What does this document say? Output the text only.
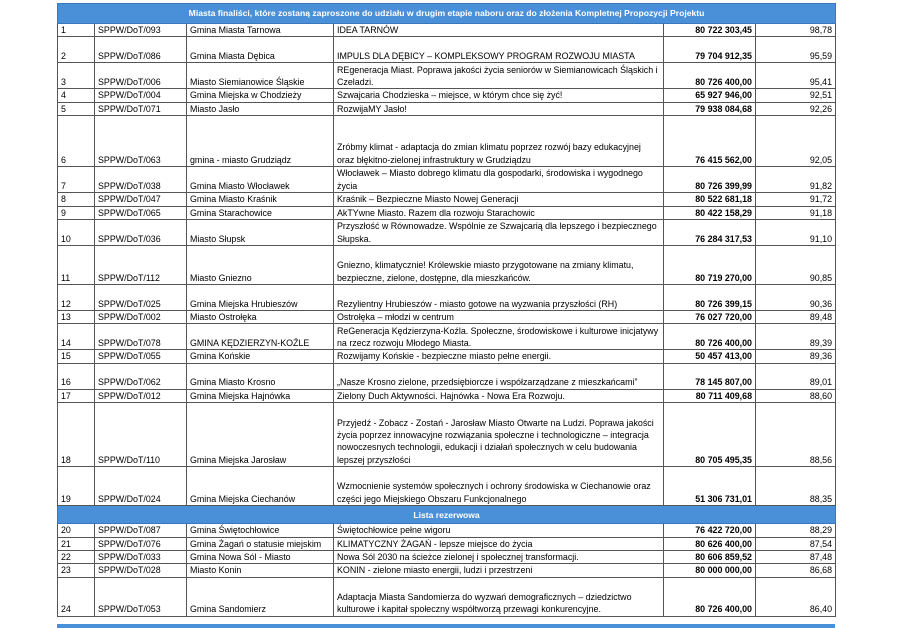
Miasta finaliści, które zostaną zaproszone do udziału w drugim etapie naboru oraz do złożenia Kompletnej Propozycji Projektu					
1	SPPW/DoT/093	Gmina Miasta Tarnowa	IDEA TARNÓW	80 722 303,45	98,78
2	SPPW/DoT/086	Gmina Miasta Dębica	IMPULS DLA DĘBICY – KOMPLEKSOWY PROGRAM ROZWOJU MIASTA	79 704 912,35	95,59
3	SPPW/DoT/006	Miasto Siemianowice Śląskie	REgeneracja Miast. Poprawa jakości życia seniorów w Siemianowicach Śląskich i Czeladzi.	80 726 400,00	95,41
4	SPPW/DoT/004	Gmina Miejska w Chodzieży	Szwajcaria Chodzieska – miejsce, w którym chce się żyć!	65 927 946,00	92,51
5	SPPW/DoT/071	Miasto Jasło	RozwijaMY Jasło!	79 938 084,68	92,26
6	SPPW/DoT/063	gmina - miasto Grudziądz	Zróbmy klimat - adaptacja do zmian klimatu poprzez rozwój bazy edukacyjnej oraz błękitno-zielonej infrastruktury w Grudziądzu	76 415 562,00	92,05
7	SPPW/DoT/038	Gmina Miasto Włocławek	Włocławek – Miasto dobrego klimatu dla gospodarki, środowiska i wygodnego życia	80 726 399,99	91,82
8	SPPW/DoT/047	Gmina Miasto Kraśnik	Kraśnik – Bezpieczne Miasto Nowej Generacji	80 522 681,18	91,72
9	SPPW/DoT/065	Gmina Starachowice	AkTYwne Miasto. Razem dla rozwoju Starachowic	80 422 158,29	91,18
10	SPPW/DoT/036	Miasto Słupsk	Przyszłość w Równowadze. Wspólnie ze Szwajcarią dla lepszego i bezpiecznego Słupska.	76 284 317,53	91,10
11	SPPW/DoT/112	Miasto Gniezno	Gniezno, klimatycznie! Królewskie miasto przygotowane na zmiany klimatu, bezpieczne, zielone, dostępne, dla mieszkańców.	80 719 270,00	90,85
12	SPPW/DoT/025	Gmina Miejska Hrubieszów	Rezylientny Hrubieszów - miasto gotowe na wyzwania przyszłości (RH)	80 726 399,15	90,36
13	SPPW/DoT/002	Miasto Ostrołęka	Ostrołęka – młodzi w centrum	76 027 720,00	89,48
14	SPPW/DoT/078	GMINA KĘDZIERZYN-KOŹLE	ReGeneracja Kędzierzyna-Koźla. Społeczne, środowiskowe i kulturowe inicjatywy na rzecz rozwoju Młodego Miasta.	80 726 400,00	89,39
15	SPPW/DoT/055	Gmina Końskie	Rozwijamy Końskie - bezpieczne miasto pełne energii.	50 457 413,00	89,36
16	SPPW/DoT/062	Gmina Miasto Krosno	„Nasze Krosno zielone, przedsiębiorcze i współzarządzane z mieszkańcami”	78 145 807,00	89,01
17	SPPW/DoT/012	Gmina Miejska Hajnówka	Zielony Duch Aktywności. Hajnówka - Nowa Era Rozwoju.	80 711 409,68	88,60
18	SPPW/DoT/110	Gmina Miejska Jarosław	Przyjedź - Zobacz - Zostań - Jarosław Miasto Otwarte na Ludzi. Poprawa jakości życia poprzez innowacyjne rozwiązania społeczne i technologiczne – integracja nowoczesnych technologii, edukacji i działań społecznych w celu budowania lepszej przyszłości	80 705 495,35	88,56
19	SPPW/DoT/024	Gmina Miejska Ciechanów	Wzmocnienie systemów społecznych i ochrony środowiska w Ciechanowie oraz części jego Miejskiego Obszaru Funkcjonalnego	51 306 731,01	88,35
Lista rezerwowa					
20	SPPW/DoT/087	Gmina Świętochłowice	Świętochłowice pełne wigoru	76 422 720,00	88,29
21	SPPW/DoT/076	Gmina Żagań o statusie miejskim	KLIMATYCZNY ŻAGAŃ - lepsze miejsce do życia	80 626 400,00	87,54
22	SPPW/DoT/033	Gmina Nowa Sól - Miasto	Nowa Sól 2030 na ścieżce zielonej i społecznej transformacji.	80 606 859,52	87,48
23	SPPW/DoT/028	Miasto Konin	KONIN - zielone miasto energii, ludzi i przestrzeni	80 000 000,00	86,68
24	SPPW/DoT/053	Gmina Sandomierz	Adaptacja Miasta Sandomierza do wyzwań demograficznych – dziedzictwo kulturowe i kapitał społeczny współtworzą przewagi konkurencyjne.	80 726 400,00	86,40
